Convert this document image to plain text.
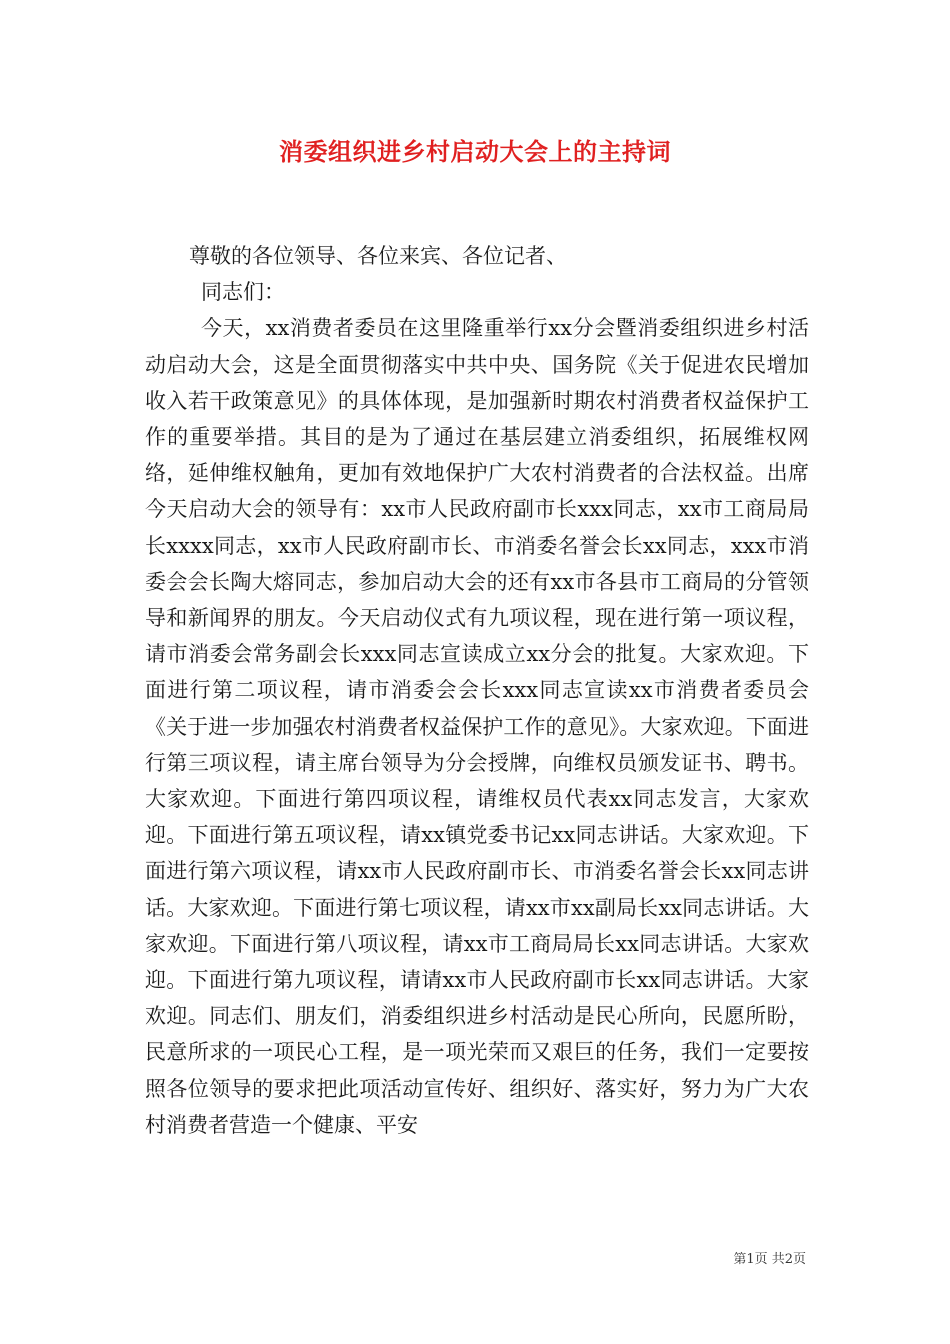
消委组织进乡村启动大会上的主持词

尊敬的各位领导、各位来宾、各位记者、

同志们：

今天，xx消费者委员在这里隆重举行xx分会暨消委组织进乡村活动启动大会，这是全面贯彻落实中共中央、国务院《关于促进农民增加收入若干政策意见》的具体体现，是加强新时期农村消费者权益保护工作的重要举措。其目的是为了通过在基层建立消委组织，拓展维权网络，延伸维权触角，更加有效地保护广大农村消费者的合法权益。出席今天启动大会的领导有：xx市人民政府副市长xxx同志，xx市工商局局长xxxx同志，xx市人民政府副市长、市消委名誉会长xx同志，xxx市消委会会长陶大熔同志，参加启动大会的还有xx市各县市工商局的分管领导和新闻界的朋友。今天启动仪式有九项议程，现在进行第一项议程，请市消委会常务副会长xxx同志宣读成立xx分会的批复。大家欢迎。下面进行第二项议程，请市消委会会长xxx同志宣读xx市消费者委员会《关于进一步加强农村消费者权益保护工作的意见》。大家欢迎。下面进行第三项议程，请主席台领导为分会授牌，向维权员颁发证书、聘书。大家欢迎。下面进行第四项议程，请维权员代表xx同志发言，大家欢迎。下面进行第五项议程，请xx镇党委书记xx同志讲话。大家欢迎。下面进行第六项议程，请xx市人民政府副市长、市消委名誉会长xx同志讲话。大家欢迎。下面进行第七项议程，请xx市xx副局长xx同志讲话。大家欢迎。下面进行第八项议程，请xx市工商局局长xx同志讲话。大家欢迎。下面进行第九项议程，请请xx市人民政府副市长xx同志讲话。大家欢迎。同志们、朋友们，消委组织进乡村活动是民心所向，民愿所盼，民意所求的一项民心工程，是一项光荣而又艰巨的任务，我们一定要按照各位领导的要求把此项活动宣传好、组织好、落实好，努力为广大农村消费者营造一个健康、平安

第1页 共2页
